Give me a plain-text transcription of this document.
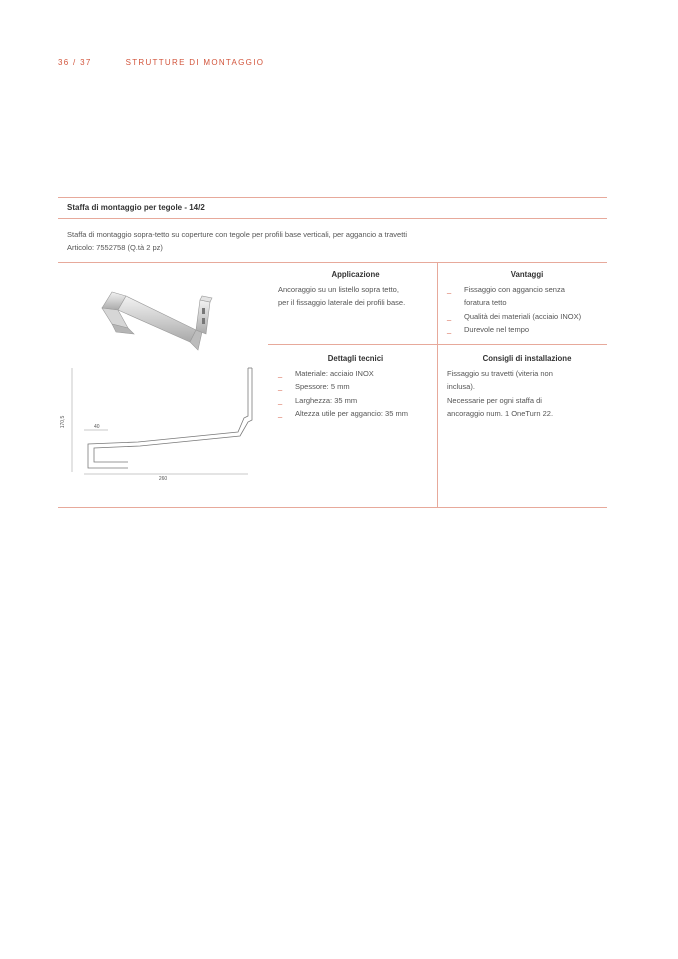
36 / 37	STRUTTURE DI MONTAGGIO
Staffa di montaggio per tegole - 14/2
Staffa di montaggio sopra-tetto su coperture con tegole per profili base verticali, per aggancio a travetti
Articolo: 7552758 (Q.tà 2 pz)
170,5	40
260
Applicazione

Ancoraggio su un listello sopra tetto,

per il fissaggio laterale dei profili base.

Vantaggi
_ Fissaggio con aggancio senza
foratura tetto
_ Qualità dei materiali (acciaio INOX)
_ Durevole nel tempo
Dettagli tecnici
_ Materiale: acciaio INOX
_ Spessore: 5 mm
_ Larghezza: 35 mm
_ Altezza utile per aggancio: 35 mm
Consigli di installazione

Fissaggio su travetti (viteria non

inclusa).

Necessarie per ogni staffa di

ancoraggio num. 1 OneTurn 22.
